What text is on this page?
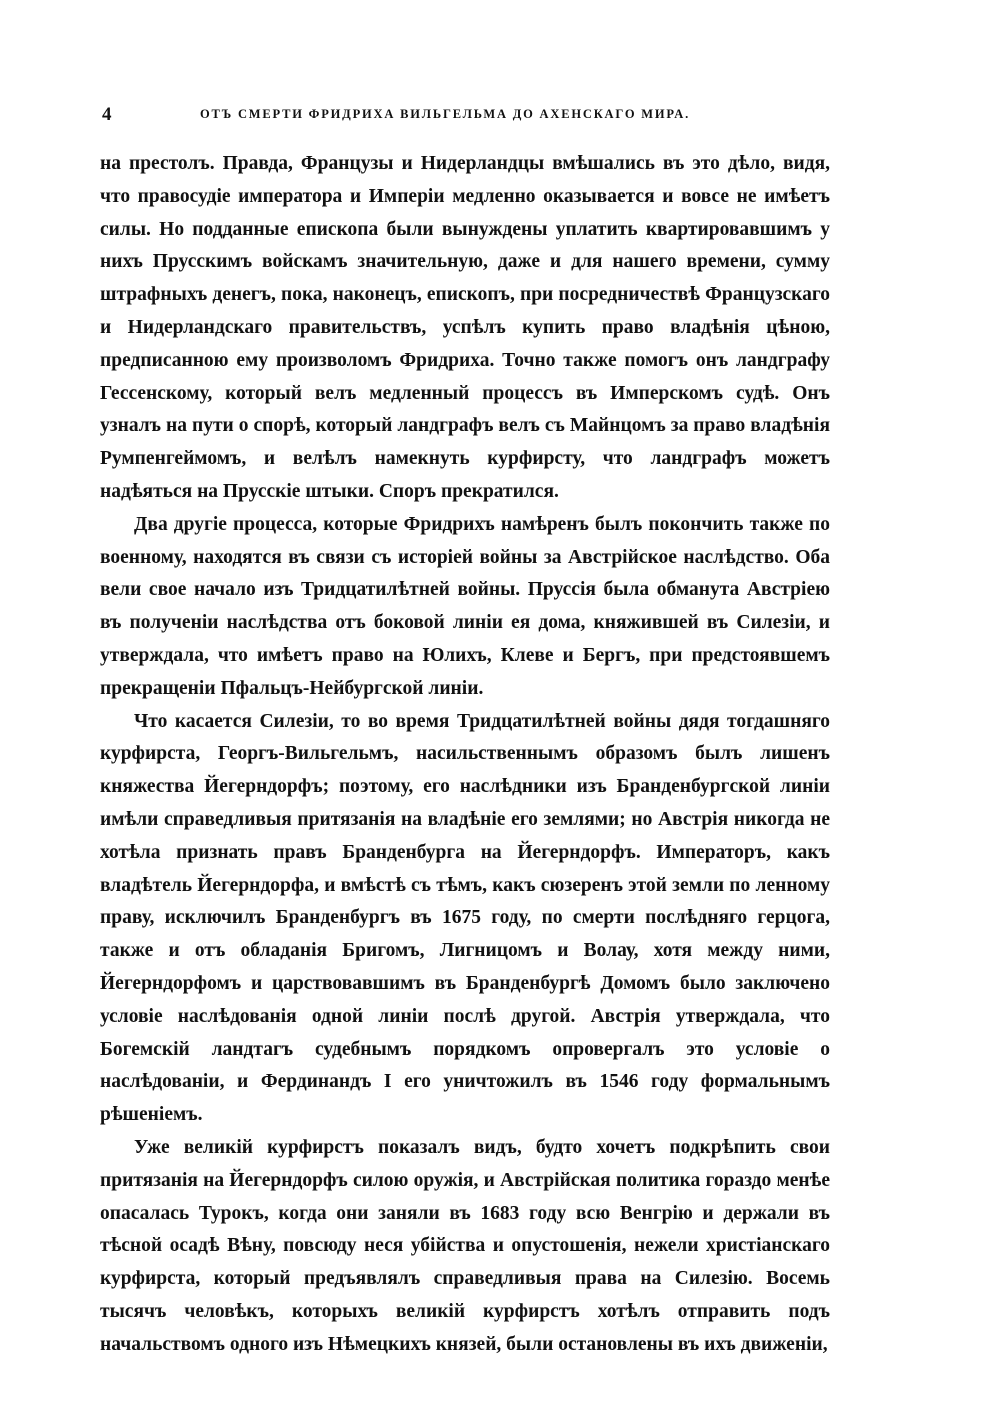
4	ОТЪ СМЕРТИ ФРИДРИХА ВИЛЬГЕЛЬМА ДО АХЕНСКАГО МИРА.

на престолъ. Правда, Французы и Нидерландцы вмѣшались въ это дѣло, видя, что правосудіе императора и Имперіи медленно оказывается и вовсе не имѣетъ силы. Но подданные епископа были вынуждены уплатить квартировавшимъ у нихъ Прусскимъ войскамъ значительную, даже и для нашего времени, сумму штрафныхъ денегъ, пока, наконецъ, епископъ, при посредничествѣ Французскаго и Нидерландскаго правительствъ, успѣлъ купить право владѣнія цѣною, предписанною ему произволомъ Фридриха. Точно также помогъ онъ ландграфу Гессенскому, который велъ медленный процессъ въ Имперскомъ судѣ. Онъ узналъ на пути о спорѣ, который ландграфъ велъ съ Майнцомъ за право владѣнія Румпенгеймомъ, и велѣлъ намекнуть курфирсту, что ландграфъ можетъ надѣяться на Прусскіе штыки. Споръ прекратился.

Два другіе процесса, которые Фридрихъ намѣренъ былъ покончить также по военному, находятся въ связи съ исторіей войны за Австрійское наслѣдство. Оба вели свое начало изъ Тридцатилѣтней войны. Пруссія была обманута Австріею въ полученіи наслѣдства отъ боковой линіи ея дома, княжившей въ Силезіи, и утверждала, что имѣетъ право на Юлихъ, Клеве и Бергъ, при предстоявшемъ прекращеніи Пфальцъ-Нейбургской линіи.

Что касается Силезіи, то во время Тридцатилѣтней войны дядя тогдашняго курфирста, Георгъ-Вильгельмъ, насильственнымъ образомъ былъ лишенъ княжества Йегерндорфъ; поэтому, его наслѣдники изъ Бранденбургской линіи имѣли справедливыя притязанія на владѣніе его землями; но Австрія никогда не хотѣла признать правъ Бранденбурга на Йегерндорфъ. Императоръ, какъ владѣтель Йегерндорфа, и вмѣстѣ съ тѣмъ, какъ сюзеренъ этой земли по ленному праву, исключилъ Бранденбургъ въ 1675 году, по смерти послѣдняго герцога, также и отъ обладанія Бригомъ, Лигницомъ и Волау, хотя между ними, Йегерндорфомъ и царствовавшимъ въ Бранденбургѣ Домомъ было заключено условіе наслѣдованія одной линіи послѣ другой. Австрія утверждала, что Богемскій ландтагъ судебнымъ порядкомъ опровергалъ это условіе о наслѣдованіи, и Фердинандъ I его уничтожилъ въ 1546 году формальнымъ рѣшеніемъ.

Уже великій курфирстъ показалъ видъ, будто хочетъ подкрѣпить свои притязанія на Йегерндорфъ силою оружія, и Австрійская политика гораздо менѣе опасалась Турокъ, когда они заняли въ 1683 году всю Венгрію и держали въ тѣсной осадѣ Вѣну, повсюду неся убійства и опустошенія, нежели христіанскаго курфирста, который предъявлялъ справедливыя права на Силезію. Восемь тысячъ человѣкъ, которыхъ великій курфирстъ хотѣлъ отправить подъ начальствомъ одного изъ Нѣмецкихъ князей, были остановлены въ ихъ движеніи,
